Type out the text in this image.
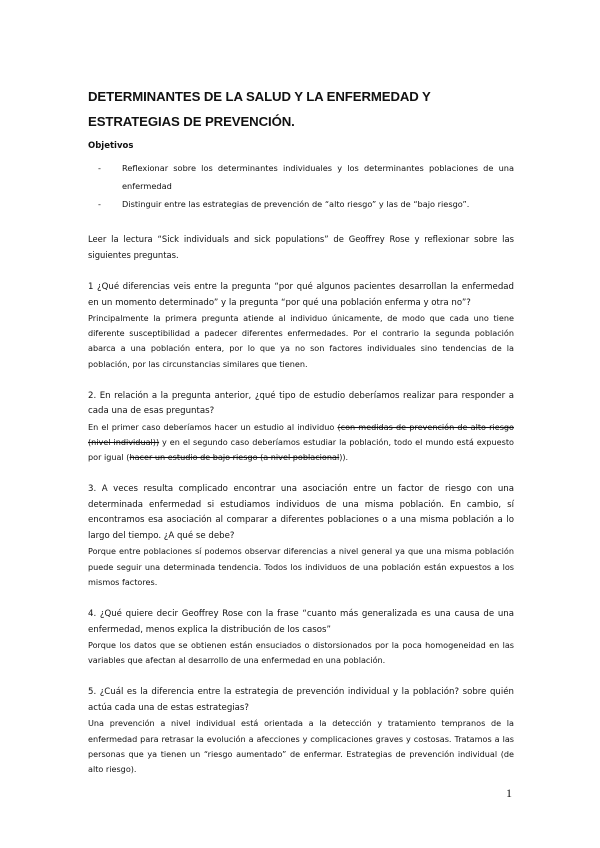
DETERMINANTES DE LA SALUD Y LA ENFERMEDAD Y ESTRATEGIAS DE PREVENCIÓN.
Objetivos
-	Reflexionar sobre los determinantes individuales y los determinantes poblaciones de una enfermedad
-	Distinguir entre las estrategias de prevención de “alto riesgo” y las de “bajo riesgo”.

Leer la lectura “Sick individuals and sick populations” de Geoffrey Rose y reflexionar sobre las siguientes preguntas.

1 ¿Qué diferencias veis entre la pregunta “por qué algunos pacientes desarrollan la enfermedad en un momento determinado” y la pregunta “por qué una población enferma y otra no”?

Principalmente la primera pregunta atiende al individuo únicamente, de modo que cada uno tiene diferente susceptibilidad a padecer diferentes enfermedades. Por el contrario la segunda población abarca a una población entera, por lo que ya no son factores individuales sino tendencias de la población, por las circunstancias similares que tienen.

2. En relación a la pregunta anterior, ¿qué tipo de estudio deberíamos realizar para responder a cada una de esas preguntas?

En el primer caso deberíamos hacer un estudio al individuo (con medidas de prevención de alto riesgo (nivel individual)) y en el segundo caso deberíamos estudiar la población, todo el mundo está expuesto por igual (hacer un estudio de bajo riesgo (a nivel poblacional)).

3. A veces resulta complicado encontrar una asociación entre un factor de riesgo con una determinada enfermedad si estudiamos individuos de una misma población. En cambio, sí encontramos esa asociación al comparar a diferentes poblaciones o a una misma población a lo largo del tiempo. ¿A qué se debe?

Porque entre poblaciones sí podemos observar diferencias a nivel general ya que una misma población puede seguir una determinada tendencia. Todos los individuos de una población están expuestos a los mismos factores.

4. ¿Qué quiere decir Geoffrey Rose con la frase “cuanto más generalizada es una causa de una enfermedad, menos explica la distribución de los casos”

Porque los datos que se obtienen están ensuciados o distorsionados por la poca homogeneidad en las variables que afectan al desarrollo de una enfermedad en una población.

5. ¿Cuál es la diferencia entre la estrategia de prevención individual y la población? sobre quién actúa cada una de estas estrategias?

Una prevención a nivel individual está orientada a la detección y tratamiento tempranos de la enfermedad para retrasar la evolución a afecciones y complicaciones graves y costosas. Tratamos a las personas que ya tienen un “riesgo aumentado” de enfermar. Estrategias de prevención individual (de alto riesgo).

1
